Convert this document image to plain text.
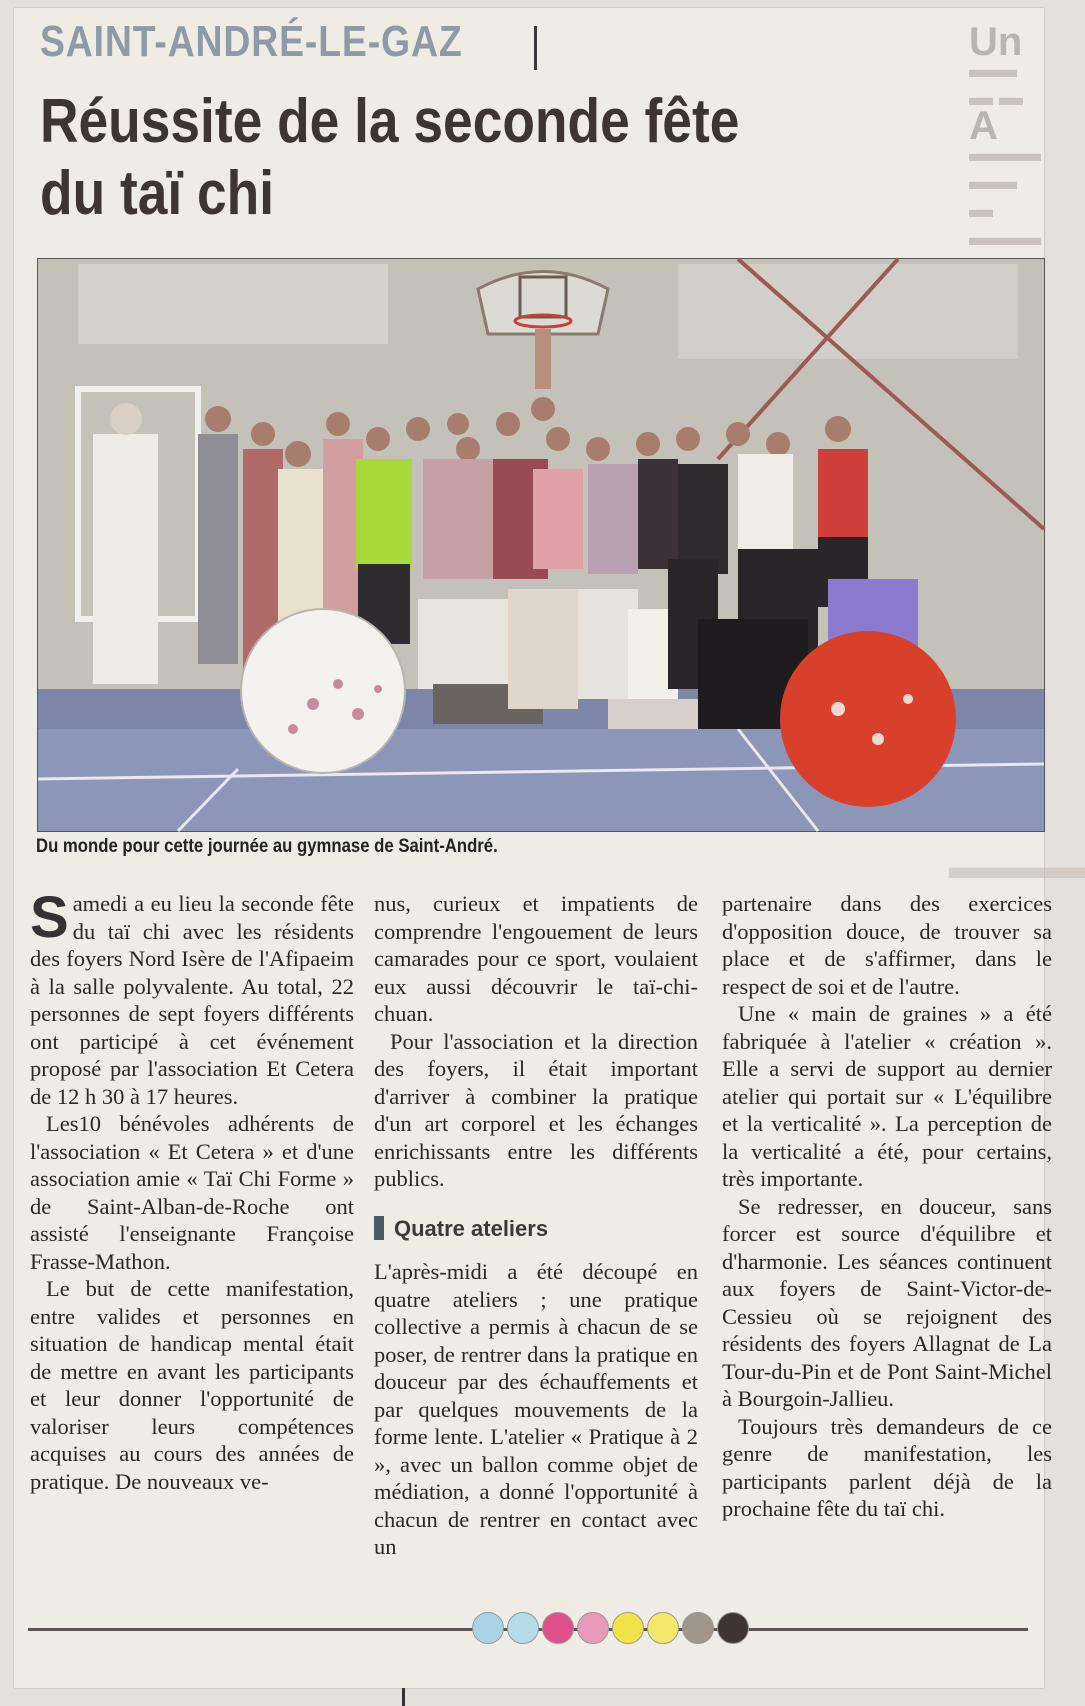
Un
▬▬ ▬ ▬
A
▬▬▬ ▬▬
▬ ▬▬▬
▬▬▬▬
SAINT-ANDRÉ-LE-GAZ
Réussite de la seconde fête
du taï chi
Du monde pour cette journée au gymnase de Saint-André.

Samedi a eu lieu la seconde fête du taï chi avec les résidents des foyers Nord Isère de l'Afipaeim à la salle polyvalente. Au total, 22 personnes de sept foyers différents ont participé à cet événement proposé par l'association Et Cetera de 12 h 30 à 17 heures.

Les10 bénévoles adhérents de l'association « Et Cetera » et d'une association amie « Taï Chi Forme » de Saint-Alban-de-Roche ont assisté l'enseignante Françoise Frasse-Mathon.

Le but de cette manifestation, entre valides et personnes en situation de handicap mental était de mettre en avant les participants et leur donner l'opportunité de valoriser leurs compétences acquises au cours des années de pratique. De nouveaux ve-

nus, curieux et impatients de comprendre l'engouement de leurs camarades pour ce sport, voulaient eux aussi découvrir le taï-chi-chuan.

Pour l'association et la direction des foyers, il était important d'arriver à combiner la pratique d'un art corporel et les échanges enrichissants entre les différents publics.

Quatre ateliers

L'après-midi a été découpé en quatre ateliers ; une pratique collective a permis à chacun de se poser, de rentrer dans la pratique en douceur par des échauffements et par quelques mouvements de la forme lente. L'atelier « Pratique à 2 », avec un ballon comme objet de médiation, a donné l'opportunité à chacun de rentrer en contact avec un

partenaire dans des exercices d'opposition douce, de trouver sa place et de s'affirmer, dans le respect de soi et de l'autre.

Une « main de graines » a été fabriquée à l'atelier « création ». Elle a servi de support au dernier atelier qui portait sur « L'équilibre et la verticalité ». La perception de la verticalité a été, pour certains, très importante.

Se redresser, en douceur, sans forcer est source d'équilibre et d'harmonie. Les séances continuent aux foyers de Saint-Victor-de-Cessieu où se rejoignent des résidents des foyers Allagnat de La Tour-du-Pin et de Pont Saint-Michel à Bourgoin-Jallieu.

Toujours très demandeurs de ce genre de manifestation, les participants parlent déjà de la prochaine fête du taï chi.
